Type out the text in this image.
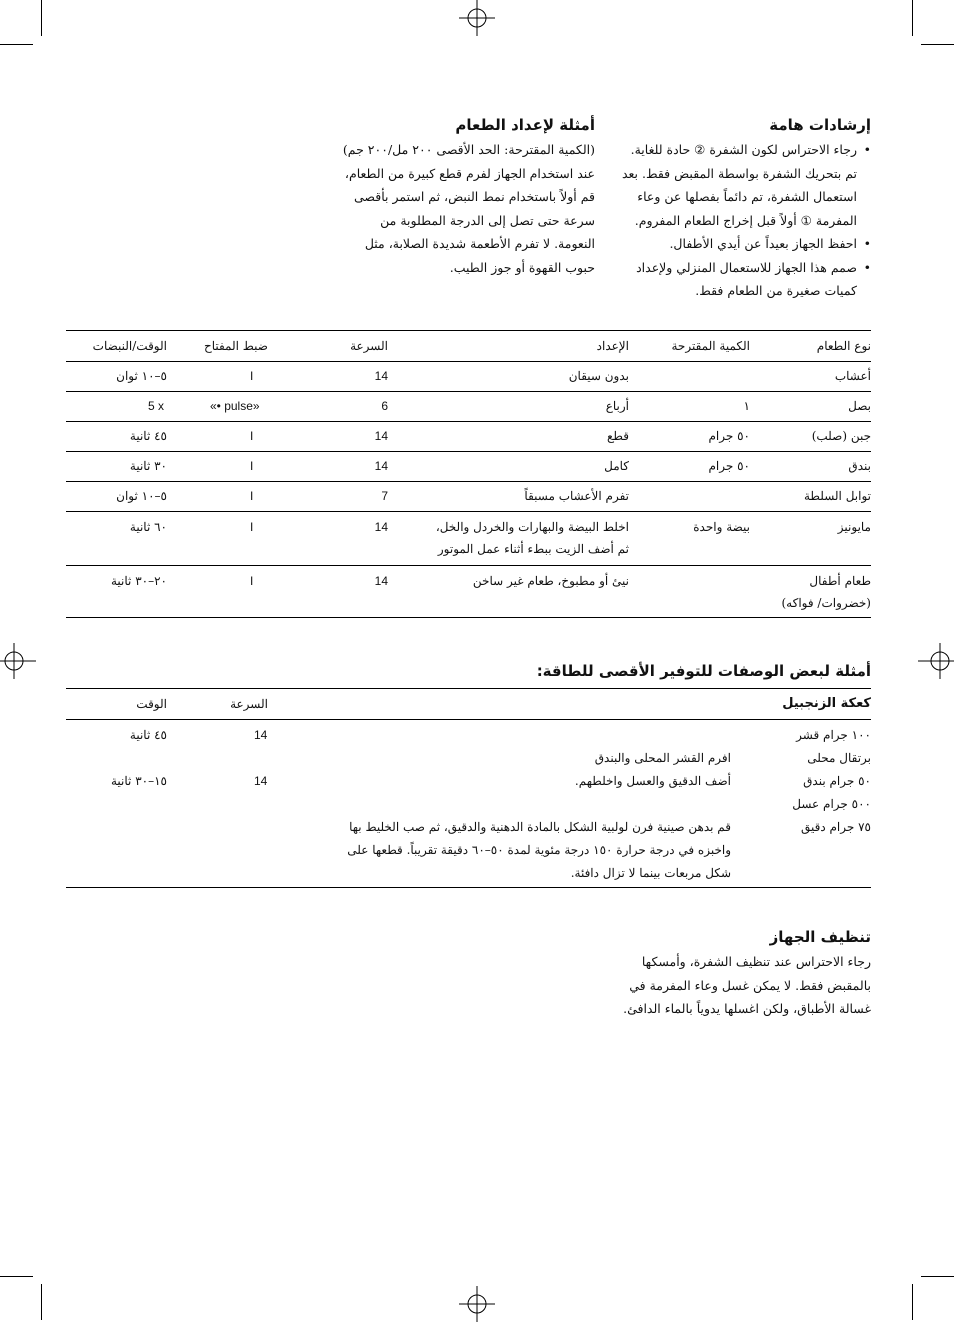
إرشادات هامة
• رجاء الاحتراس لكون الشفرة ② حادة للغاية. تم بتحريك الشفرة بواسطة المقبض فقط. بعد استعمال الشفرة، تم دائماً بفصلها عن وعاء المفرمة ① أولاً قبل إخراج الطعام المفروم.
• احفظ الجهاز بعيداً عن أيدي الأطفال.
• صمم هذا الجهاز للاستعمال المنزلي ولإعداد كميات صغيرة من الطعام فقط.
أمثلة لإعداد الطعام
(الكمية المقترحة: الحد الأقصى ٢٠٠ مل/٢٠٠ جم) عند استخدام الجهاز لفرم قطع كبيرة من الطعام، قم أولاً باستخدام نمط النبض، ثم استمر بأقصى سرعة حتى تصل إلى الدرجة المطلوبة من النعومة. لا تفرم الأطعمة شديدة الصلابة، مثل حبوب القهوة أو جوز الطيب.
نوع الطعام
الكمية المقترحة
الإعداد
السرعة
ضبط المفتاح
الوقت/النبضات
أعشاب
بدون سيقان
14
I
٥–١٠ ثوان
بصل
١
أرباع
6
«• pulse»
5 x
جبن (صلب)
٥٠ جرام
قطع
14
I
٤٥ ثانية
بندق
٥٠ جرام
كامل
14
I
٣٠ ثانية
توابل السلطة
تفرم الأعشاب مسبقاً
7
I
٥–١٠ ثوان
مايونيز
بيضة واحدة
اخلط البيضة والبهارات والخردل والخل، ثم أضف الزيت ببطء أثناء عمل الموتور
14
I
٦٠ ثانية
طعام أطفال (خضروات/ فواكه)
نيئ أو مطبوخ، طعام غير ساخن
14
I
٢٠–٣٠ ثانية
أمثلة لبعض الوصفات للتوفير الأقصى للطاقة:
كعكة الزنجبيل
السرعة
الوقت
١٠٠ جرام قشر برتقال محلى
٥٠ جرام بندق
٥٠٠ جرام عسل
٧٥ جرام دقيق
افرم القشر المحلى والبندق
أضف الدقيق والعسل واخلطهم.
قم بدهن صينية فرن لولبية الشكل بالمادة الدهنية والدقيق، ثم صب الخليط بها واخبزه في درجة حرارة ١٥٠ درجة مئوية لمدة ٥٠–٦٠ دقيقة تقريباً. قطعها على شكل مربعات بينما لا تزال دافئة.
14
٤٥ ثانية
14
١٥–٣٠ ثانية
تنظيف الجهاز
رجاء الاحتراس عند تنظيف الشفرة، وأمسكها بالمقبض فقط. لا يمكن غسل وعاء المفرمة في غسالة الأطباق، ولكن اغسلها يدوياً بالماء الدافئ.
